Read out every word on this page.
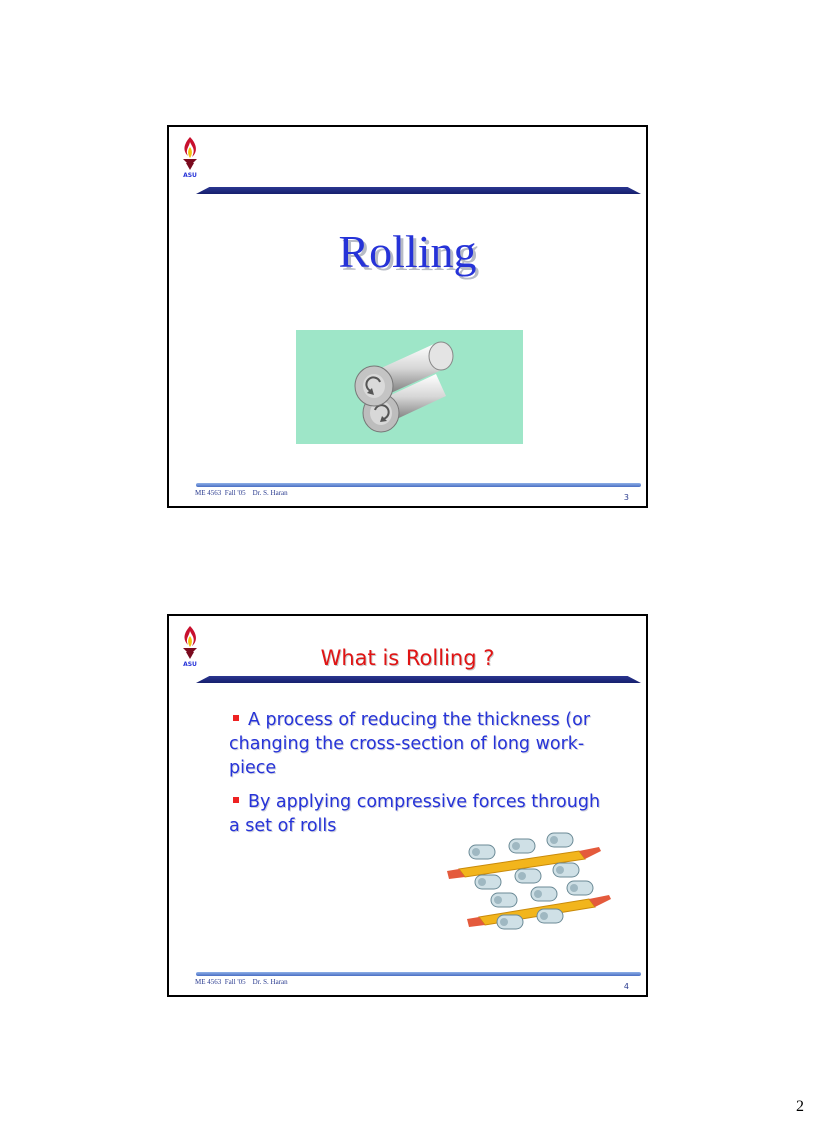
ASU
Rolling
ME 4563  Fall '05    Dr. S. Haran	3
ASU	What is Rolling ?
A process of reducing the thickness (or changing the cross-section of long work-piece
By applying compressive forces through a set of rolls
ME 4563  Fall '05    Dr. S. Haran	4
2
